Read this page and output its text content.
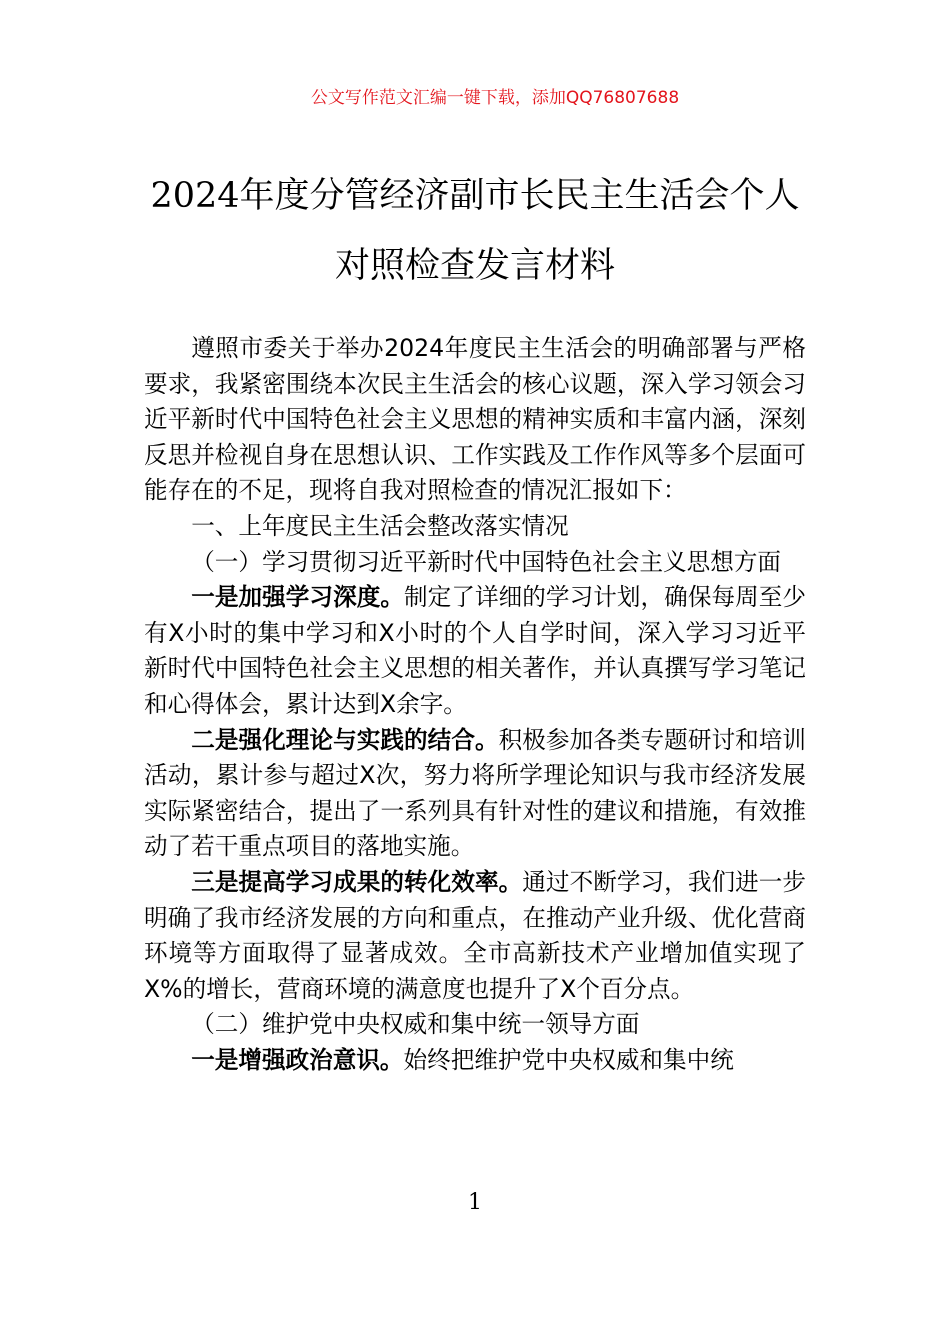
公文写作范文汇编一键下载，添加QQ76807688
2024年度分管经济副市长民主生活会个人
对照检查发言材料

遵照市委关于举办2024年度民主生活会的明确部署与严格要求，我紧密围绕本次民主生活会的核心议题，深入学习领会习近平新时代中国特色社会主义思想的精神实质和丰富内涵，深刻反思并检视自身在思想认识、工作实践及工作作风等多个层面可能存在的不足，现将自我对照检查的情况汇报如下：

一、上年度民主生活会整改落实情况

（一）学习贯彻习近平新时代中国特色社会主义思想方面

一是加强学习深度。制定了详细的学习计划，确保每周至少有X小时的集中学习和X小时的个人自学时间，深入学习习近平新时代中国特色社会主义思想的相关著作，并认真撰写学习笔记和心得体会，累计达到X余字。

二是强化理论与实践的结合。积极参加各类专题研讨和培训活动，累计参与超过X次，努力将所学理论知识与我市经济发展实际紧密结合，提出了一系列具有针对性的建议和措施，有效推动了若干重点项目的落地实施。

三是提高学习成果的转化效率。通过不断学习，我们进一步明确了我市经济发展的方向和重点，在推动产业升级、优化营商环境等方面取得了显著成效。全市高新技术产业增加值实现了X%的增长，营商环境的满意度也提升了X个百分点。

（二）维护党中央权威和集中统一领导方面

一是增强政治意识。始终把维护党中央权威和集中统

1
